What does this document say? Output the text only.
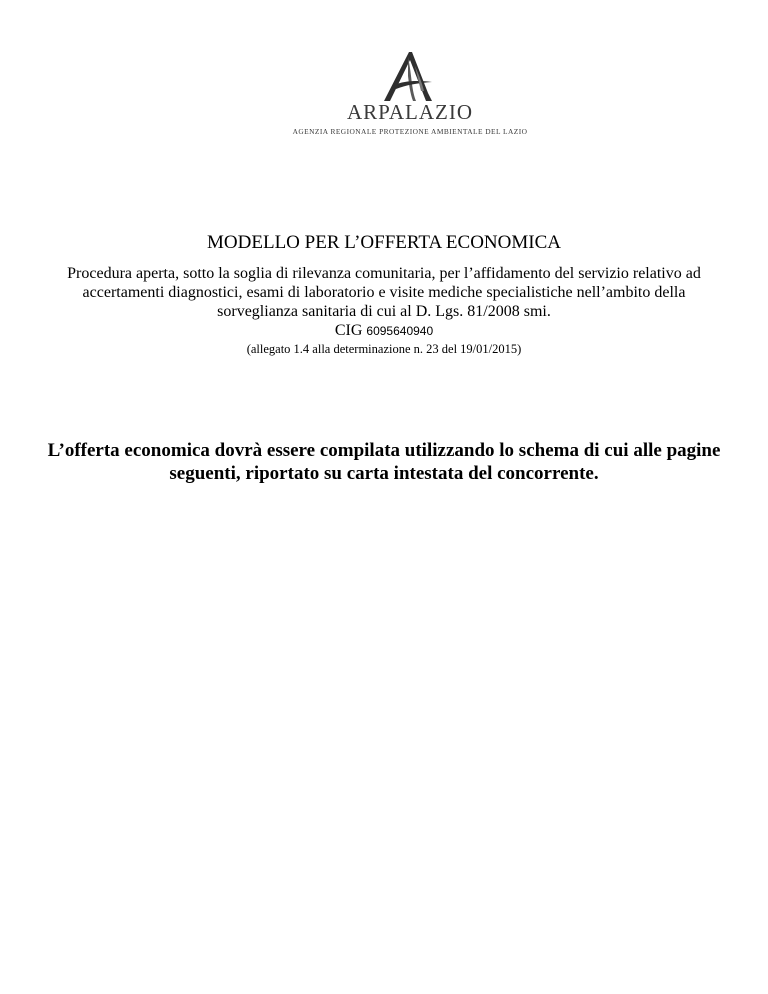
ARPALAZIO
AGENZIA REGIONALE PROTEZIONE AMBIENTALE DEL LAZIO
MODELLO PER L’OFFERTA ECONOMICA
Procedura aperta, sotto la soglia di rilevanza comunitaria, per l’affidamento del servizio relativo ad accertamenti diagnostici, esami di laboratorio e visite mediche specialistiche nell’ambito della sorveglianza sanitaria di cui al D. Lgs. 81/2008 smi.
CIG 6095640940
(allegato 1.4 alla determinazione n. 23 del 19/01/2015)
L’offerta economica dovrà essere compilata utilizzando lo schema di cui alle pagine seguenti, riportato su carta intestata del concorrente.
